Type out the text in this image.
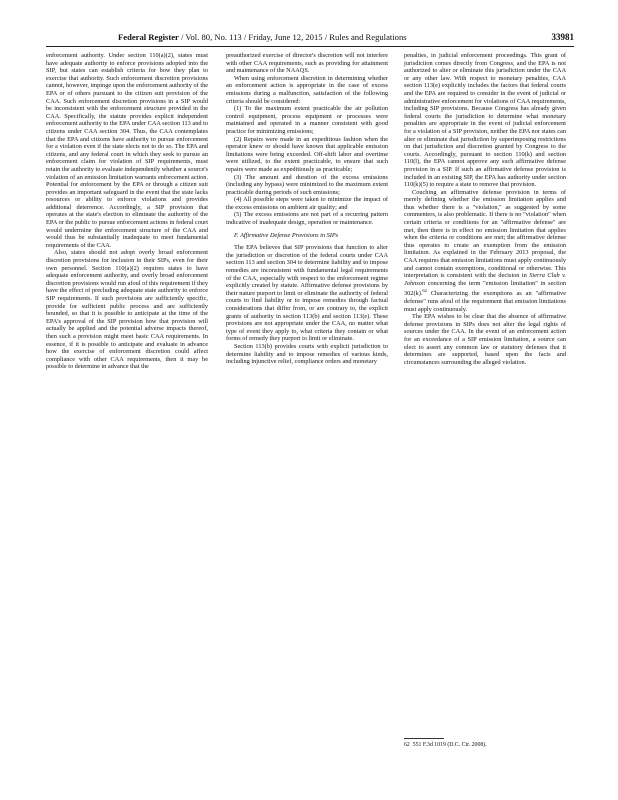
Federal Register / Vol. 80, No. 113 / Friday, June 12, 2015 / Rules and Regulations	33981

enforcement authority. Under section 110(a)(2), states must have adequate authority to enforce provisions adopted into the SIP, but states can establish criteria for how they plan to exercise that authority. Such enforcement discretion provisions cannot, however, impinge upon the enforcement authority of the EPA or of others pursuant to the citizen suit provision of the CAA. Such enforcement discretion provisions in a SIP would be inconsistent with the enforcement structure provided in the CAA. Specifically, the statute provides explicit independent enforcement authority to the EPA under CAA section 113 and to citizens under CAA section 304. Thus, the CAA contemplates that the EPA and citizens have authority to pursue enforcement for a violation even if the state elects not to do so. The EPA and citizens, and any federal court in which they seek to pursue an enforcement claim for violation of SIP requirements, must retain the authority to evaluate independently whether a source's violation of an emission limitation warrants enforcement action. Potential for enforcement by the EPA or through a citizen suit provides an important safeguard in the event that the state lacks resources or ability to enforce violations and provides additional deterrence. Accordingly, a SIP provision that operates at the state's election to eliminate the authority of the EPA or the public to pursue enforcement actions in federal court would undermine the enforcement structure of the CAA and would thus be substantially inadequate to meet fundamental requirements of the CAA.

Also, states should not adopt overly broad enforcement discretion provisions for inclusion in their SIPs, even for their own personnel. Section 110(a)(2) requires states to have adequate enforcement authority, and overly broad enforcement discretion provisions would run afoul of this requirement if they have the effect of precluding adequate state authority to enforce SIP requirements. If such provisions are sufficiently specific, provide for sufficient public process and are sufficiently bounded, so that it is possible to anticipate at the time of the EPA's approval of the SIP provision how that provision will actually be applied and the potential adverse impacts thereof, then such a provision might meet basic CAA requirements. In essence, if it is possible to anticipate and evaluate in advance how the exercise of enforcement discretion could affect compliance with other CAA requirements, then it may be possible to determine in advance that the

preauthorized exercise of director's discretion will not interfere with other CAA requirements, such as providing for attainment and maintenance of the NAAQS.

When using enforcement discretion in determining whether an enforcement action is appropriate in the case of excess emissions during a malfunction, satisfaction of the following criteria should be considered:

(1) To the maximum extent practicable the air pollution control equipment, process equipment or processes were maintained and operated in a manner consistent with good practice for minimizing emissions;

(2) Repairs were made in an expeditious fashion when the operator knew or should have known that applicable emission limitations were being exceeded. Off-shift labor and overtime were utilized, to the extent practicable, to ensure that such repairs were made as expeditiously as practicable;

(3) The amount and duration of the excess emissions (including any bypass) were minimized to the maximum extent practicable during periods of such emissions;

(4) All possible steps were taken to minimize the impact of the excess emissions on ambient air quality; and

(5) The excess emissions are not part of a recurring pattern indicative of inadequate design, operation or maintenance.

F. Affirmative Defense Provisions in SIPs

The EPA believes that SIP provisions that function to alter the jurisdiction or discretion of the federal courts under CAA section 113 and section 304 to determine liability and to impose remedies are inconsistent with fundamental legal requirements of the CAA, especially with respect to the enforcement regime explicitly created by statute. Affirmative defense provisions by their nature purport to limit or eliminate the authority of federal courts to find liability or to impose remedies through factual considerations that differ from, or are contrary to, the explicit grants of authority in section 113(b) and section 113(e). These provisions are not appropriate under the CAA, no matter what type of event they apply to, what criteria they contain or what forms of remedy they purport to limit or eliminate.

Section 113(b) provides courts with explicit jurisdiction to determine liability and to impose remedies of various kinds, including injunctive relief, compliance orders and monetary

penalties, in judicial enforcement proceedings. This grant of jurisdiction comes directly from Congress, and the EPA is not authorized to alter or eliminate this jurisdiction under the CAA or any other law. With respect to monetary penalties, CAA section 113(e) explicitly includes the factors that federal courts and the EPA are required to consider in the event of judicial or administrative enforcement for violations of CAA requirements, including SIP provisions. Because Congress has already given federal courts the jurisdiction to determine what monetary penalties are appropriate in the event of judicial enforcement for a violation of a SIP provision, neither the EPA nor states can alter or eliminate that jurisdiction by superimposing restrictions on that jurisdiction and discretion granted by Congress to the courts. Accordingly, pursuant to section 110(k) and section 110(l), the EPA cannot approve any such affirmative defense provision in a SIP. If such an affirmative defense provision is included in an existing SIP, the EPA has authority under section 110(k)(5) to require a state to remove that provision.

Couching an affirmative defense provision in terms of merely defining whether the emission limitation applies and thus whether there is a "violation," as suggested by some commenters, is also problematic. If there is no "violation" when certain criteria or conditions for an "affirmative defense" are met, then there is in effect no emission limitation that applies when the criteria or conditions are met; the affirmative defense thus operates to create an exemption from the emission limitation. As explained in the February 2013 proposal, the CAA requires that emission limitations must apply continuously and cannot contain exemptions, conditional or otherwise. This interpretation is consistent with the decision in Sierra Club v. Johnson concerning the term "emission limitation" in section 302(k).$^{62}$ Characterizing the exemptions as an "affirmative defense" runs afoul of the requirement that emission limitations must apply continuously.

The EPA wishes to be clear that the absence of affirmative defense provisions in SIPs does not alter the legal rights of sources under the CAA. In the event of an enforcement action for an exceedance of a SIP emission limitation, a source can elect to assert any common law or statutory defenses that it determines are supported, based upon the facts and circumstances surrounding the alleged violation.

62 551 F.3d 1019 (D.C. Cir. 2008).
